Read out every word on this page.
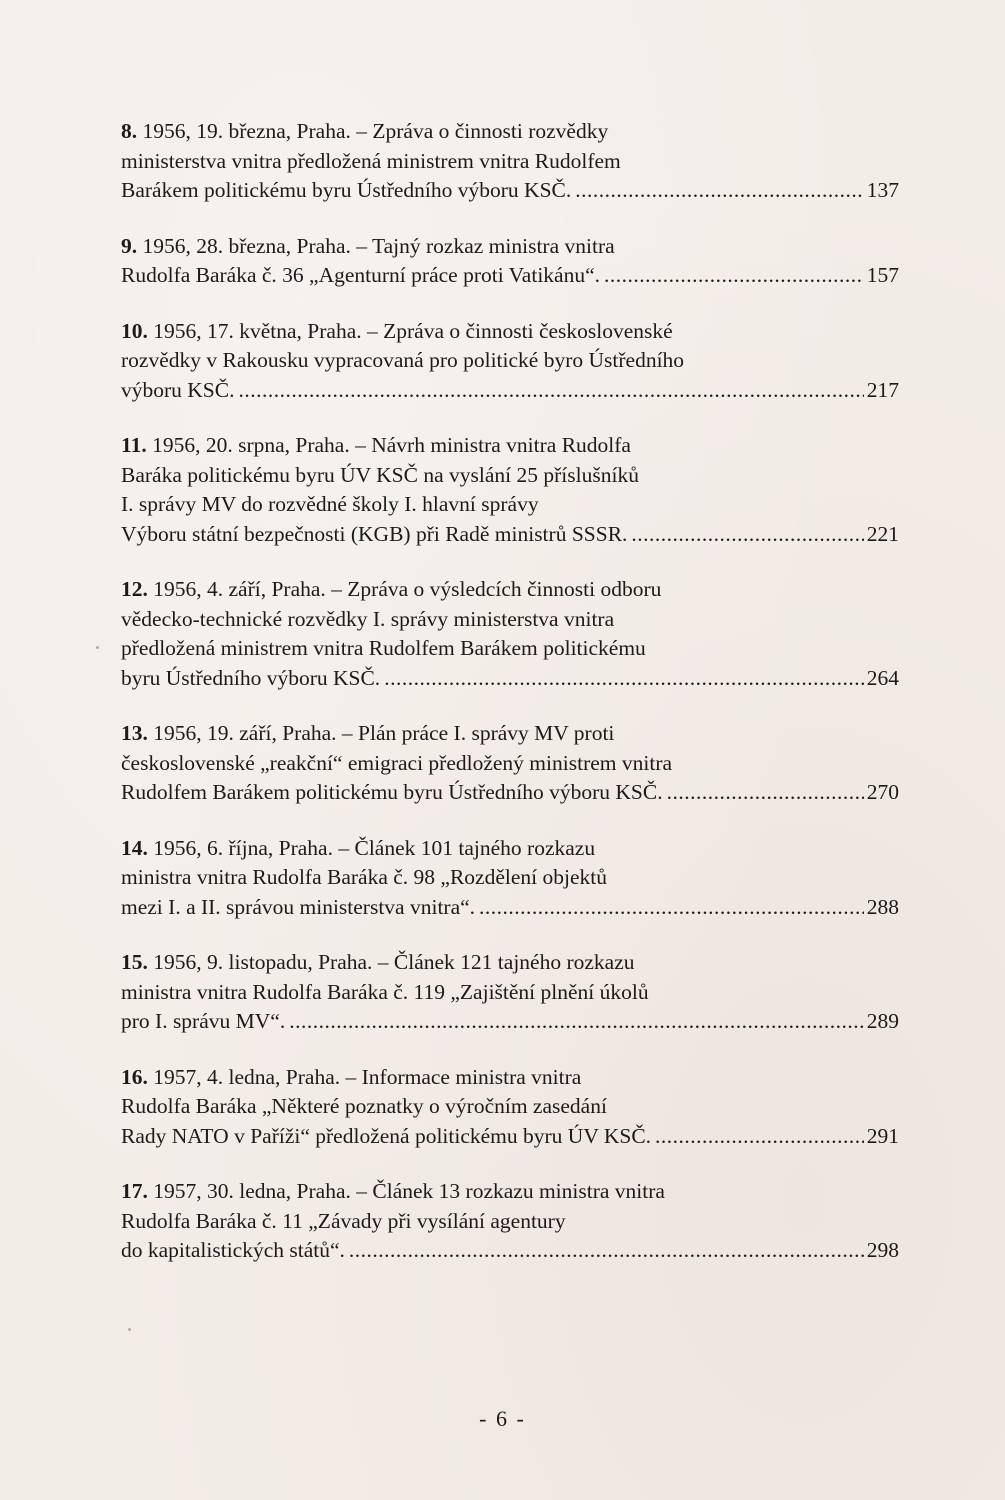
8. 1956, 19. března, Praha. – Zpráva o činnosti rozvědky
ministerstva vnitra předložená ministrem vnitra Rudolfem
Barákem politickému byru Ústředního výboru KSČ. .....	137
9. 1956, 28. března, Praha. – Tajný rozkaz ministra vnitra
Rudolfa Baráka č. 36 „Agenturní práce proti Vatikánu“. .....	157
10. 1956, 17. května, Praha. – Zpráva o činnosti československé
rozvědky v Rakousku vypracovaná pro politické byro Ústředního
výboru KSČ. .....	217
11. 1956, 20. srpna, Praha. – Návrh ministra vnitra Rudolfa
Baráka politickému byru ÚV KSČ na vyslání 25 příslušníků
I. správy MV do rozvědné školy I. hlavní správy
Výboru státní bezpečnosti (KGB) při Radě ministrů SSSR. .....	221
12. 1956, 4. září, Praha. – Zpráva o výsledcích činnosti odboru
vědecko-technické rozvědky I. správy ministerstva vnitra
předložená ministrem vnitra Rudolfem Barákem politickému
byru Ústředního výboru KSČ. .....	264
13. 1956, 19. září, Praha. – Plán práce I. správy MV proti
československé „reakční“ emigraci předložený ministrem vnitra
Rudolfem Barákem politickému byru Ústředního výboru KSČ. .....	270
14. 1956, 6. října, Praha. – Článek 101 tajného rozkazu
ministra vnitra Rudolfa Baráka č. 98 „Rozdělení objektů
mezi I. a II. správou ministerstva vnitra“. .....	288
15. 1956, 9. listopadu, Praha. – Článek 121 tajného rozkazu
ministra vnitra Rudolfa Baráka č. 119 „Zajištění plnění úkolů
pro I. správu MV“. .....	289
16. 1957, 4. ledna, Praha. – Informace ministra vnitra
Rudolfa Baráka „Některé poznatky o výročním zasedání
Rady NATO v Paříži“ předložená politickému byru ÚV KSČ. .....	291
17. 1957, 30. ledna, Praha. – Článek 13 rozkazu ministra vnitra
Rudolfa Baráka č. 11 „Závady při vysílání agentury
do kapitalistických států“. .....	298
- 6 -
